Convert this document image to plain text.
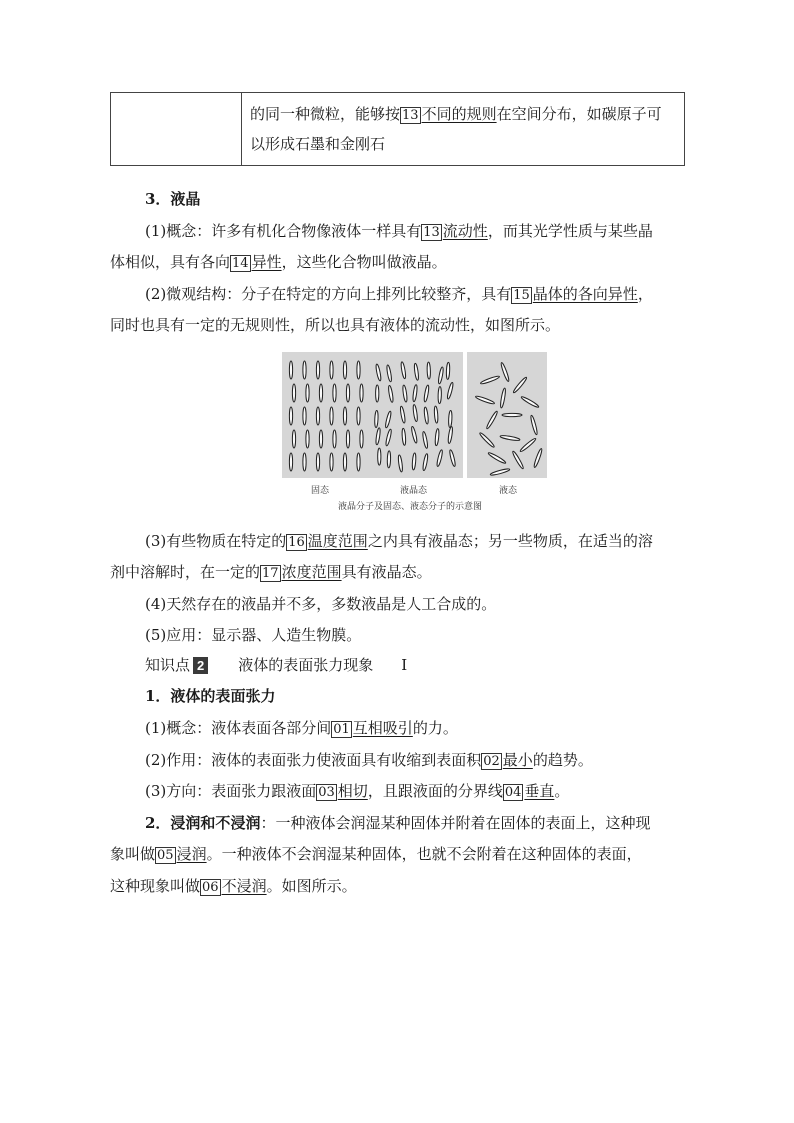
的同一种微粒，能够按 13 不同的规则在空间分布，如碳原子可
以形成石墨和金刚石
3．液晶
(1)概念：许多有机化合物像液体一样具有 13 流动性，而其光学性质与某些晶
体相似，具有各向 14 异性，这些化合物叫做液晶。
(2)微观结构：分子在特定的方向上排列比较整齐，具有 15 晶体的各向异性，
同时也具有一定的无规则性，所以也具有液体的流动性，如图所示。
固态	液晶态	液态
液晶分子及固态、液态分子的示意图
(3)有些物质在特定的 16 温度范围之内具有液晶态；另一些物质，在适当的溶
剂中溶解时，在一定的 17 浓度范围具有液晶态。
(4)天然存在的液晶并不多，多数液晶是人工合成的。
(5)应用：显示器、人造生物膜。
知识点 2 液体的表面张力现象 Ⅰ
1．液体的表面张力
(1)概念：液体表面各部分间 01 互相吸引的力。
(2)作用：液体的表面张力使液面具有收缩到表面积 02 最小的趋势。
(3)方向：表面张力跟液面 03 相切，且跟液面的分界线 04 垂直。
2．浸润和不浸润：一种液体会润湿某种固体并附着在固体的表面上，这种现
象叫做 05 浸润。一种液体不会润湿某种固体，也就不会附着在这种固体的表面，
这种现象叫做 06 不浸润。如图所示。
